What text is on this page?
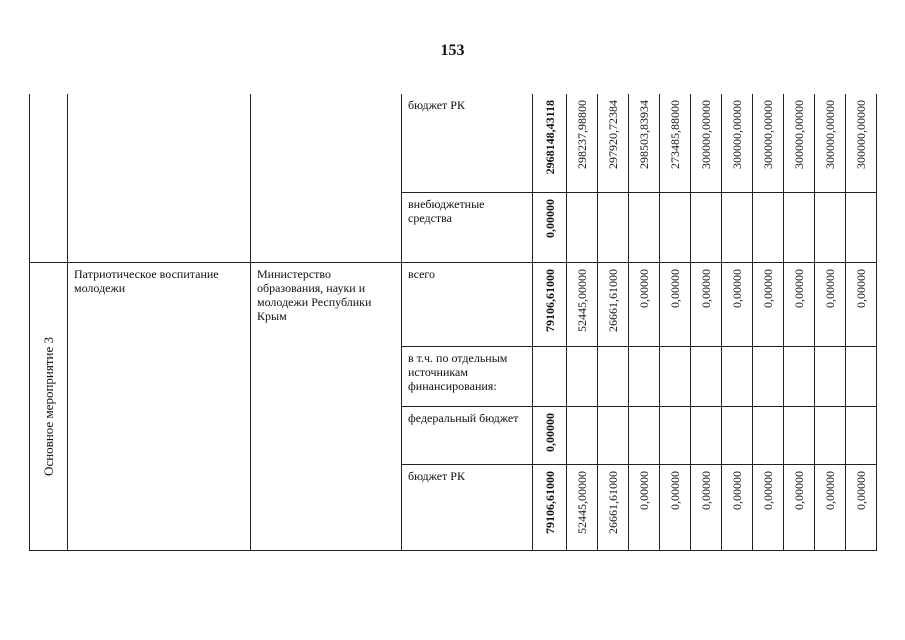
153

			бюджет РК	2968148,43118	298237,98800	297920,72384	298503,83934	273485,88000	300000,00000	300000,00000	300000,00000	300000,00000	300000,00000	300000,00000

			внебюджетные средства	0,00000										

Основное мероприятие 3	Патриотическое воспитание молодежи	Министерство образования, науки и молодежи Республики Крым	всего	79106,61000	52445,00000	26661,61000	0,00000	0,00000	0,00000	0,00000	0,00000	0,00000	0,00000	0,00000

			в т.ч. по отдельным источникам финансирования:											

			федеральный бюджет	0,00000										

			бюджет РК	79106,61000	52445,00000	26661,61000	0,00000	0,00000	0,00000	0,00000	0,00000	0,00000	0,00000	0,00000
